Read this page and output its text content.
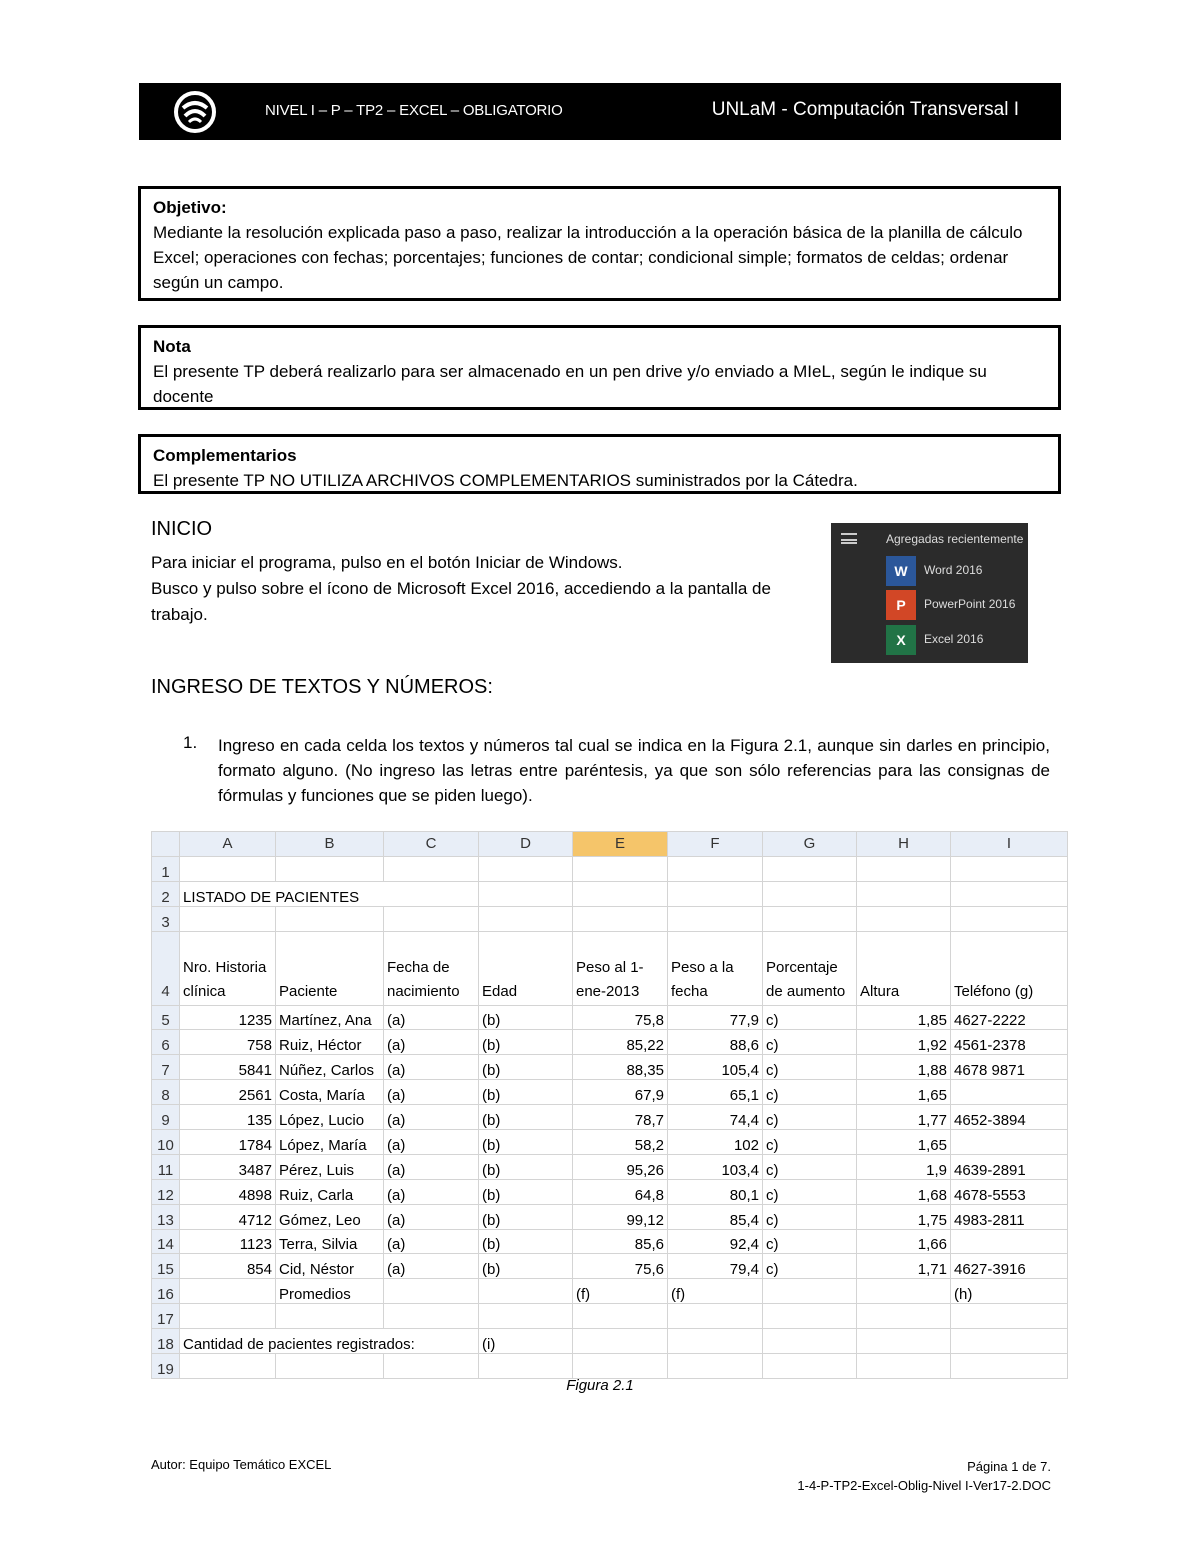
NIVEL I – P – TP2 – EXCEL – OBLIGATORIO	UNLaM - Computación Transversal I
Objetivo:
Mediante la resolución explicada paso a paso, realizar la introducción a la operación básica de la planilla de cálculo Excel; operaciones con fechas; porcentajes; funciones de contar; condicional simple; formatos de celdas; ordenar según un campo.
Nota
El presente TP deberá realizarlo para ser almacenado en un pen drive y/o enviado a MIeL, según le indique su docente
Complementarios
El presente TP NO UTILIZA ARCHIVOS COMPLEMENTARIOS suministrados por la Cátedra.
INICIO
Para iniciar el programa, pulso en el botón Iniciar de Windows.
Busco y pulso sobre el ícono de Microsoft Excel 2016, accediendo a la pantalla de trabajo.
Agregadas recientemente
W	Word 2016
P	PowerPoint 2016
X	Excel 2016
INGRESO DE TEXTOS Y NÚMEROS:
1. Ingreso en cada celda los textos y números tal cual se indica en la Figura 2.1, aunque sin darles en principio, formato alguno. (No ingreso las letras entre paréntesis, ya que son sólo referencias para las consignas de fórmulas y funciones que se piden luego).
	A	B	C	D	E	F	G	H	I
1									
2	LISTADO DE PACIENTES								
3									
4	Nro. Historia clínica	Paciente	Fecha de nacimiento	Edad	Peso al 1-ene-2013	Peso a la fecha	Porcentaje de aumento	Altura	Teléfono (g)
5	1235	Martínez, Ana	(a)	(b)	75,8	77,9	c)	1,85	4627-2222
6	758	Ruiz, Héctor	(a)	(b)	85,22	88,6	c)	1,92	4561-2378
7	5841	Núñez, Carlos	(a)	(b)	88,35	105,4	c)	1,88	4678 9871
8	2561	Costa, María	(a)	(b)	67,9	65,1	c)	1,65	
9	135	López, Lucio	(a)	(b)	78,7	74,4	c)	1,77	4652-3894
10	1784	López, María	(a)	(b)	58,2	102	c)	1,65	
11	3487	Pérez, Luis	(a)	(b)	95,26	103,4	c)	1,9	4639-2891
12	4898	Ruiz, Carla	(a)	(b)	64,8	80,1	c)	1,68	4678-5553
13	4712	Gómez, Leo	(a)	(b)	99,12	85,4	c)	1,75	4983-2811
14	1123	Terra, Silvia	(a)	(b)	85,6	92,4	c)	1,66	
15	854	Cid, Néstor	(a)	(b)	75,6	79,4	c)	1,71	4627-3916
16		Promedios			(f)	(f)			(h)
17									
18	Cantidad de pacientes registrados:			(i)					
19									
Figura 2.1
Autor: Equipo Temático EXCEL	Página 1 de 7.
1-4-P-TP2-Excel-Oblig-Nivel I-Ver17-2.DOC
